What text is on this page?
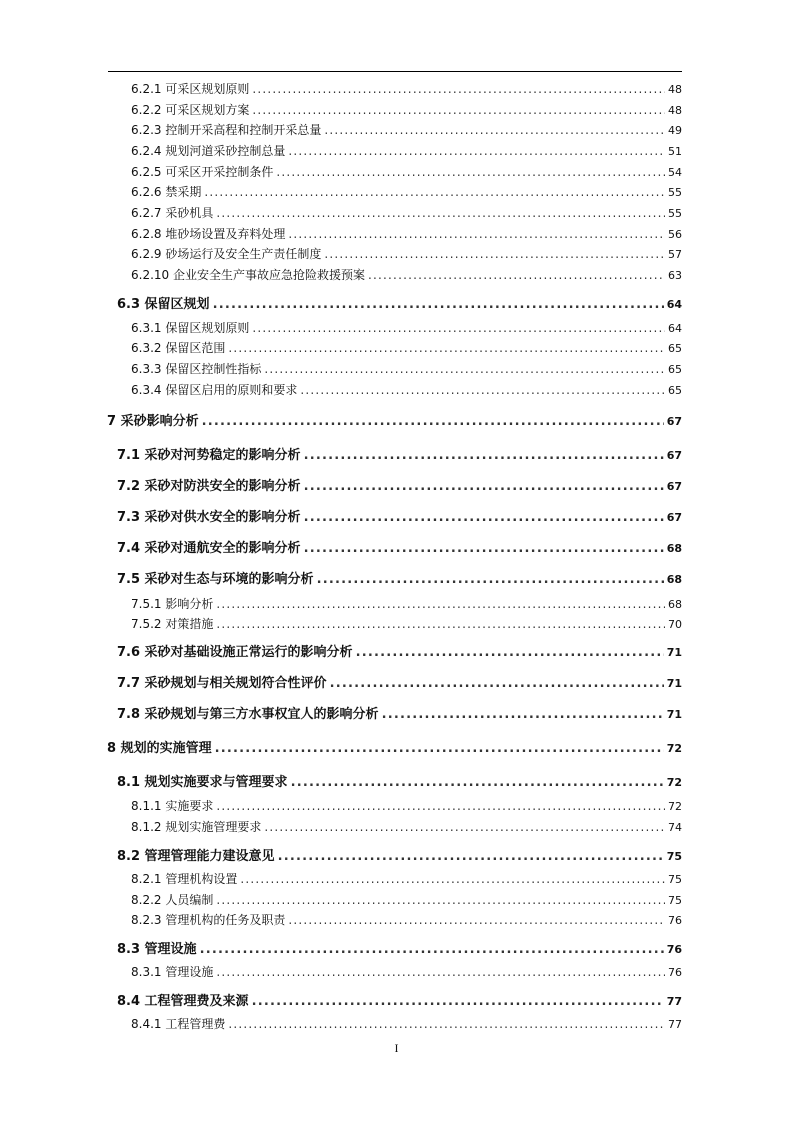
6.2.1 可采区规划原则 .....	48
6.2.2 可采区规划方案 .....	48
6.2.3 控制开采高程和控制开采总量 .....	49
6.2.4 规划河道采砂控制总量 .....	51
6.2.5 可采区开采控制条件 .....	54
6.2.6 禁采期 .....	55
6.2.7 采砂机具 .....	55
6.2.8 堆砂场设置及弃料处理 .....	56
6.2.9 砂场运行及安全生产责任制度 .....	57
6.2.10 企业安全生产事故应急抢险救援预案 .....	63
6.3 保留区规划 .....	64
6.3.1 保留区规划原则 .....	64
6.3.2 保留区范围 .....	65
6.3.3 保留区控制性指标 .....	65
6.3.4 保留区启用的原则和要求 .....	65
7 采砂影响分析 .....	67
7.1 采砂对河势稳定的影响分析 .....	67
7.2 采砂对防洪安全的影响分析 .....	67
7.3 采砂对供水安全的影响分析 .....	67
7.4 采砂对通航安全的影响分析 .....	68
7.5 采砂对生态与环境的影响分析 .....	68
7.5.1 影响分析 .....	68
7.5.2 对策措施 .....	70
7.6 采砂对基础设施正常运行的影响分析 .....	71
7.7 采砂规划与相关规划符合性评价 .....	71
7.8 采砂规划与第三方水事权宜人的影响分析 .....	71
8 规划的实施管理 .....	72
8.1 规划实施要求与管理要求 .....	72
8.1.1 实施要求 .....	72
8.1.2 规划实施管理要求 .....	74
8.2 管理管理能力建设意见 .....	75
8.2.1 管理机构设置 .....	75
8.2.2 人员编制 .....	75
8.2.3 管理机构的任务及职责 .....	76
8.3 管理设施 .....	76
8.3.1 管理设施 .....	76
8.4 工程管理费及来源 .....	77
8.4.1 工程管理费 .....	77
I
